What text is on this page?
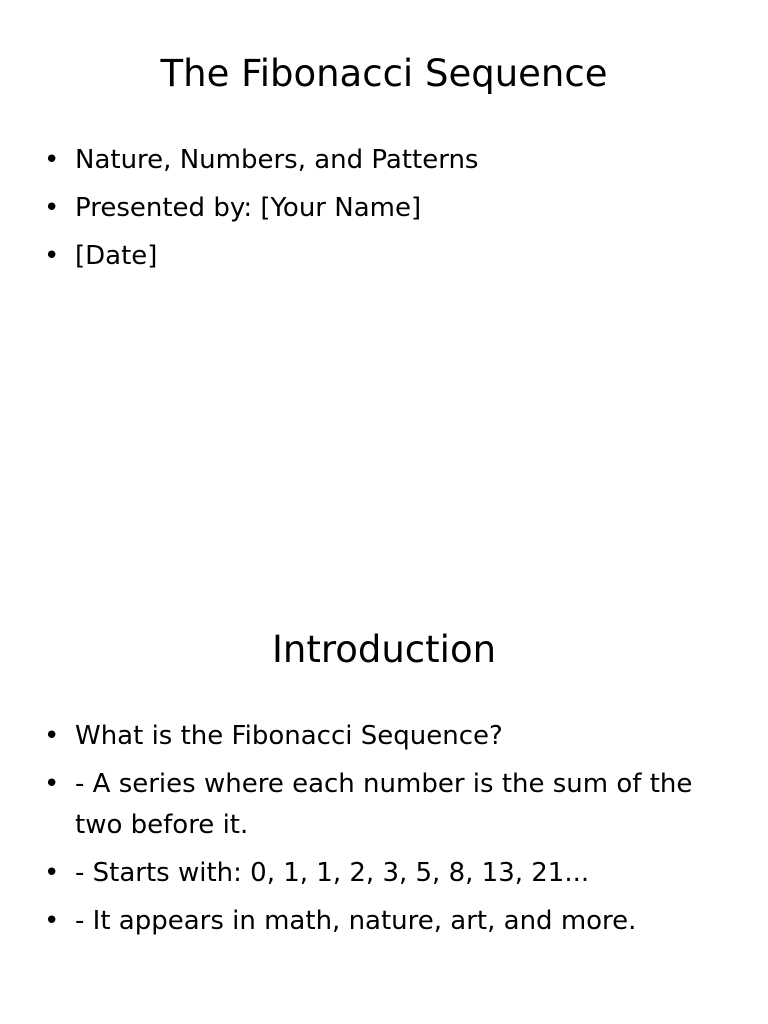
The Fibonacci Sequence
• Nature, Numbers, and Patterns
• Presented by: [Your Name]
• [Date]
Introduction
• What is the Fibonacci Sequence?
• - A series where each number is the sum of the two before it.
• - Starts with: 0, 1, 1, 2, 3, 5, 8, 13, 21...
• - It appears in math, nature, art, and more.
